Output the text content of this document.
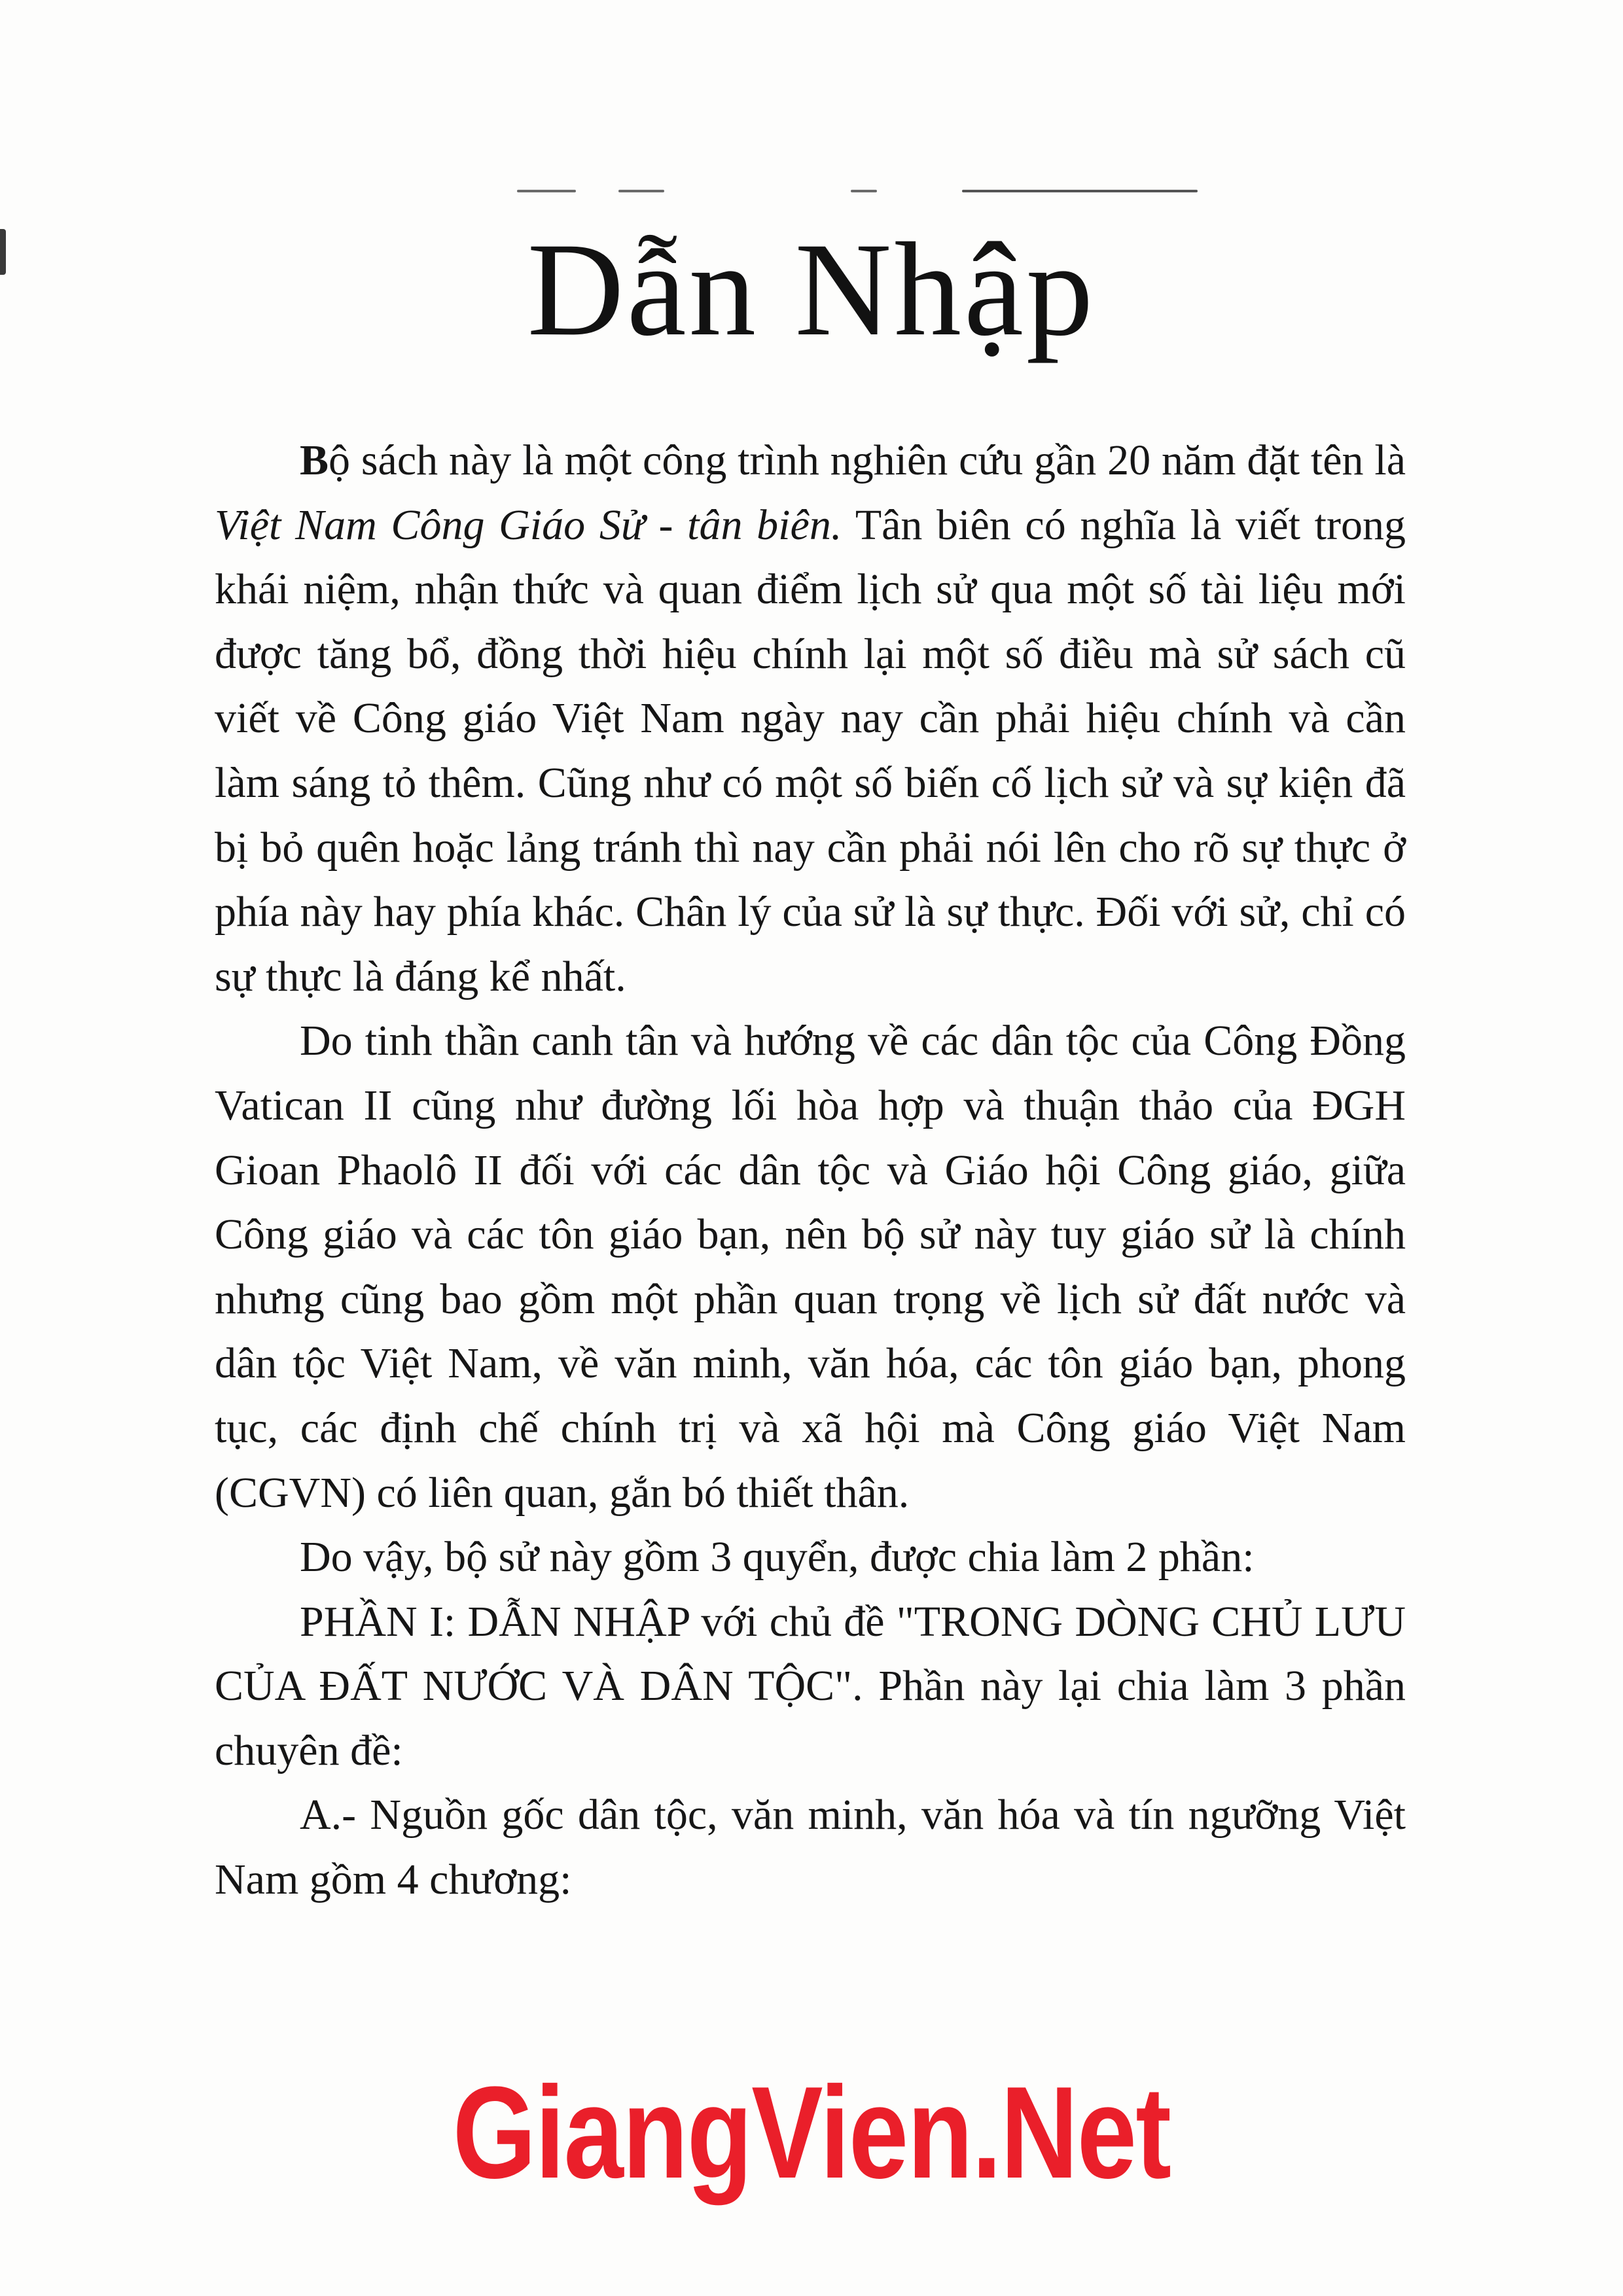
Dẫn Nhập

Bộ sách này là một công trình nghiên cứu gần 20 năm đặt tên là Việt Nam Công Giáo Sử - tân biên. Tân biên có nghĩa là viết trong khái niệm, nhận thức và quan điểm lịch sử qua một số tài liệu mới được tăng bổ, đồng thời hiệu chính lại một số điều mà sử sách cũ viết về Công giáo Việt Nam ngày nay cần phải hiệu chính và cần làm sáng tỏ thêm. Cũng như có một số biến cố lịch sử và sự kiện đã bị bỏ quên hoặc lảng tránh thì nay cần phải nói lên cho rõ sự thực ở phía này hay phía khác. Chân lý của sử là sự thực. Đối với sử, chỉ có sự thực là đáng kể nhất.

Do tinh thần canh tân và hướng về các dân tộc của Công Đồng Vatican II cũng như đường lối hòa hợp và thuận thảo của ĐGH Gioan Phaolô II đối với các dân tộc và Giáo hội Công giáo, giữa Công giáo và các tôn giáo bạn, nên bộ sử này tuy giáo sử là chính nhưng cũng bao gồm một phần quan trọng về lịch sử đất nước và dân tộc Việt Nam, về văn minh, văn hóa, các tôn giáo bạn, phong tục, các định chế chính trị và xã hội mà Công giáo Việt Nam (CGVN) có liên quan, gắn bó thiết thân.

Do vậy, bộ sử này gồm 3 quyển, được chia làm 2 phần:

PHẦN I: DẪN NHẬP với chủ đề "TRONG DÒNG CHỦ LƯU CỦA ĐẤT NƯỚC VÀ DÂN TỘC". Phần này lại chia làm 3 phần chuyên đề:

A.- Nguồn gốc dân tộc, văn minh, văn hóa và tín ngưỡng Việt Nam gồm 4 chương:

GiangVien.Net
